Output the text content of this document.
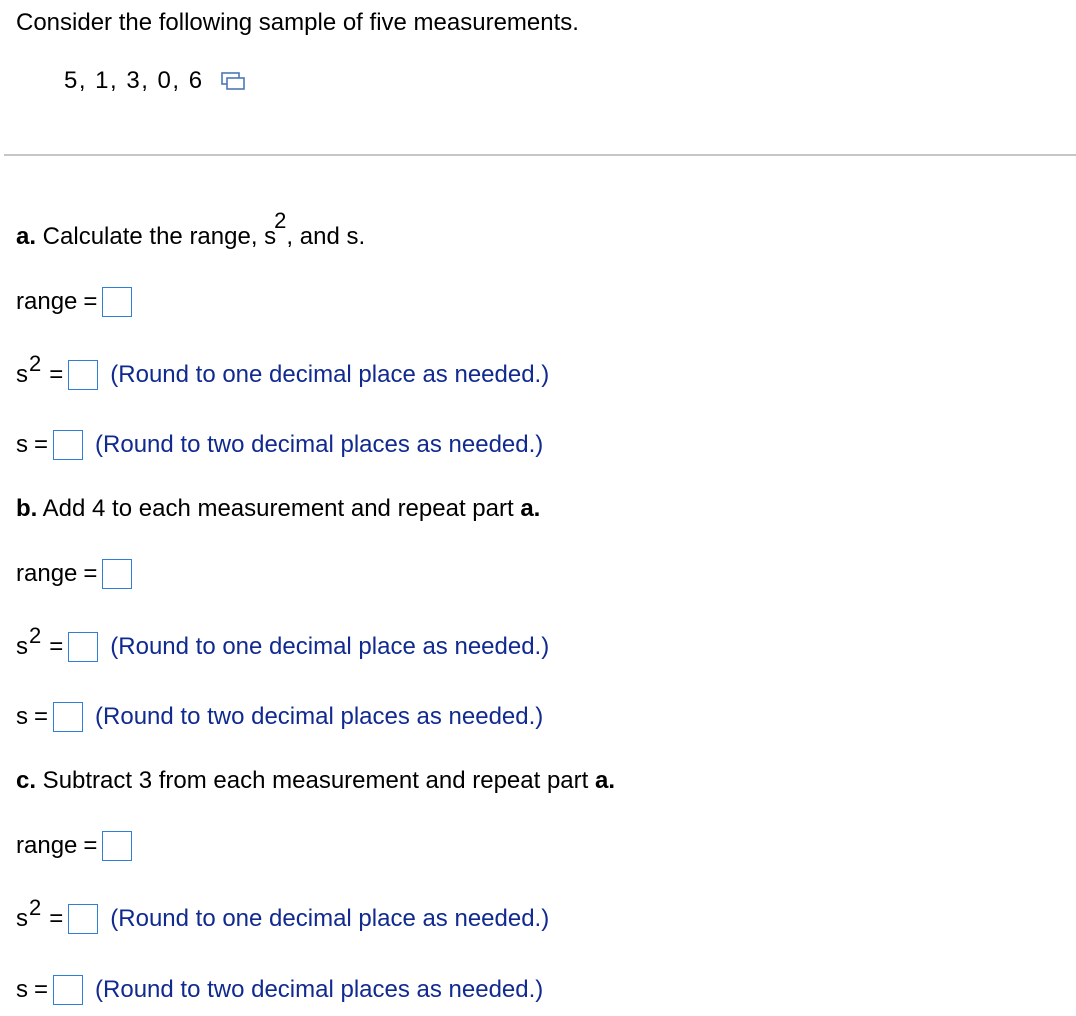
Consider the following sample of five measurements.
5, 1, 3, 0, 6
a. Calculate the range, s2, and s.
range =
s2 = (Round to one decimal place as needed.)
s = (Round to two decimal places as needed.)
b. Add 4 to each measurement and repeat part a.
range =
s2 = (Round to one decimal place as needed.)
s = (Round to two decimal places as needed.)
c. Subtract 3 from each measurement and repeat part a.
range =
s2 = (Round to one decimal place as needed.)
s = (Round to two decimal places as needed.)
